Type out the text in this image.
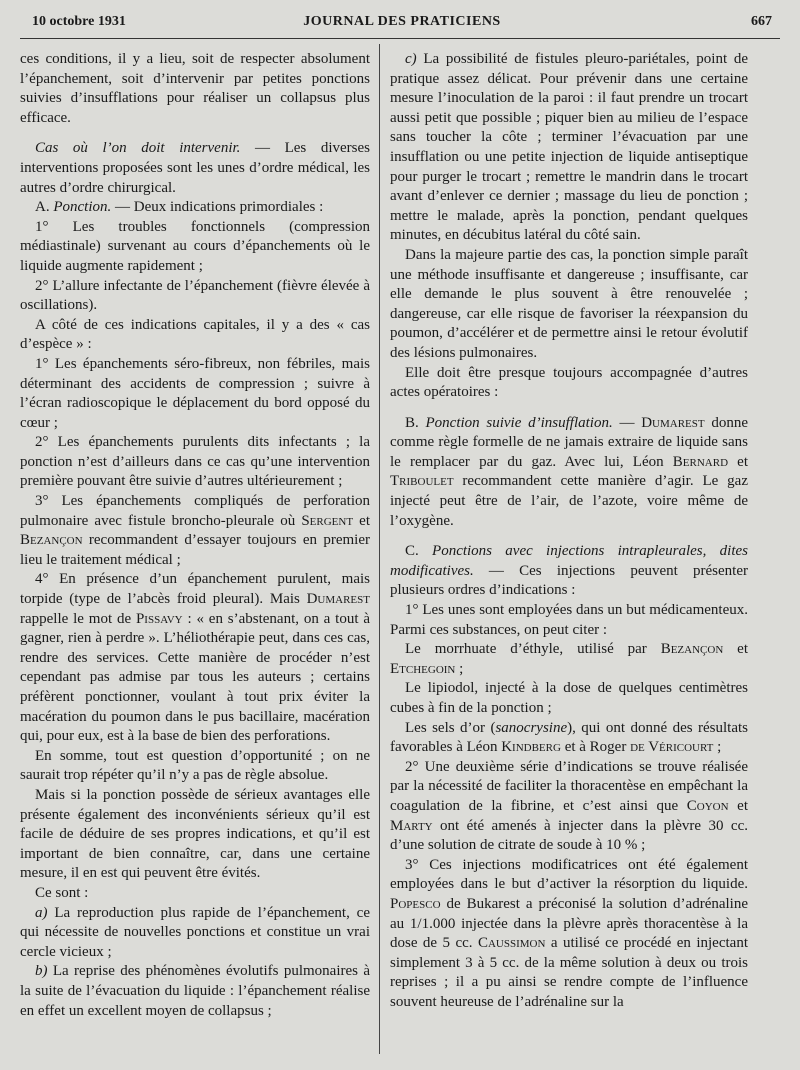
10 octobre 1931	JOURNAL DES PRATICIENS	667

ces conditions, il y a lieu, soit de respecter absolument l’épanchement, soit d’intervenir par petites ponctions suivies d’insufflations pour réaliser un collapsus plus efficace.

Cas où l’on doit intervenir. — Les diverses interventions proposées sont les unes d’ordre médical, les autres d’ordre chirurgical.

A. Ponction. — Deux indications primordiales :

1° Les troubles fonctionnels (compression médiastinale) survenant au cours d’épanchements où le liquide augmente rapidement ;

2° L’allure infectante de l’épanchement (fièvre élevée à oscillations).

A côté de ces indications capitales, il y a des « cas d’espèce » :

1° Les épanchements séro-fibreux, non fébriles, mais déterminant des accidents de compression ; suivre à l’écran radioscopique le déplacement du bord opposé du cœur ;

2° Les épanchements purulents dits infectants ; la ponction n’est d’ailleurs dans ce cas qu’une intervention première pouvant être suivie d’autres ultérieurement ;

3° Les épanchements compliqués de perforation pulmonaire avec fistule broncho-pleurale où Sergent et Bezançon recommandent d’essayer toujours en premier lieu le traitement médical ;

4° En présence d’un épanchement purulent, mais torpide (type de l’abcès froid pleural). Mais Dumarest rappelle le mot de Pissavy : « en s’abstenant, on a tout à gagner, rien à perdre ». L’héliothérapie peut, dans ces cas, rendre des services. Cette manière de procéder n’est cependant pas admise par tous les auteurs ; certains préfèrent ponctionner, voulant à tout prix éviter la macération du poumon dans le pus bacillaire, macération qui, pour eux, est à la base de bien des perforations.

En somme, tout est question d’opportunité ; on ne saurait trop répéter qu’il n’y a pas de règle absolue.

Mais si la ponction possède de sérieux avantages elle présente également des inconvénients sérieux qu’il est facile de déduire de ses propres indications, et qu’il est important de bien connaître, car, dans une certaine mesure, il en est qui peuvent être évités.

Ce sont :

a) La reproduction plus rapide de l’épanchement, ce qui nécessite de nouvelles ponctions et constitue un vrai cercle vicieux ;

b) La reprise des phénomènes évolutifs pulmonaires à la suite de l’évacuation du liquide : l’épanchement réalise en effet un excellent moyen de collapsus ;

c) La possibilité de fistules pleuro-pariétales, point de pratique assez délicat. Pour prévenir dans une certaine mesure l’inoculation de la paroi : il faut prendre un trocart aussi petit que possible ; piquer bien au milieu de l’espace sans toucher la côte ; terminer l’évacuation par une insufflation ou une petite injection de liquide antiseptique pour purger le trocart ; remettre le mandrin dans le trocart avant d’enlever ce dernier ; massage du lieu de ponction ; mettre le malade, après la ponction, pendant quelques minutes, en décubitus latéral du côté sain.

Dans la majeure partie des cas, la ponction simple paraît une méthode insuffisante et dangereuse ; insuffisante, car elle demande le plus souvent à être renouvelée ; dangereuse, car elle risque de favoriser la réexpansion du poumon, d’accélérer et de permettre ainsi le retour évolutif des lésions pulmonaires.

Elle doit être presque toujours accompagnée d’autres actes opératoires :

B. Ponction suivie d’insufflation. — Dumarest donne comme règle formelle de ne jamais extraire de liquide sans le remplacer par du gaz. Avec lui, Léon Bernard et Triboulet recommandent cette manière d’agir. Le gaz injecté peut être de l’air, de l’azote, voire même de l’oxygène.

C. Ponctions avec injections intrapleurales, dites modificatives. — Ces injections peuvent présenter plusieurs ordres d’indications :

1° Les unes sont employées dans un but médicamenteux. Parmi ces substances, on peut citer :

Le morrhuate d’éthyle, utilisé par Bezançon et Etchegoin ;

Le lipiodol, injecté à la dose de quelques centimètres cubes à fin de la ponction ;

Les sels d’or (sanocrysine), qui ont donné des résultats favorables à Léon Kindberg et à Roger de Véricourt ;

2° Une deuxième série d’indications se trouve réalisée par la nécessité de faciliter la thoracentèse en empêchant la coagulation de la fibrine, et c’est ainsi que Coyon et Marty ont été amenés à injecter dans la plèvre 30 cc. d’une solution de citrate de soude à 10 % ;

3° Ces injections modificatrices ont été également employées dans le but d’activer la résorption du liquide. Popesco de Bukarest a préconisé la solution d’adrénaline au 1/1.000 injectée dans la plèvre après thoracentèse à la dose de 5 cc. Caussimon a utilisé ce procédé en injectant simplement 3 à 5 cc. de la même solution à deux ou trois reprises ; il a pu ainsi se rendre compte de l’influence souvent heureuse de l’adrénaline sur la
